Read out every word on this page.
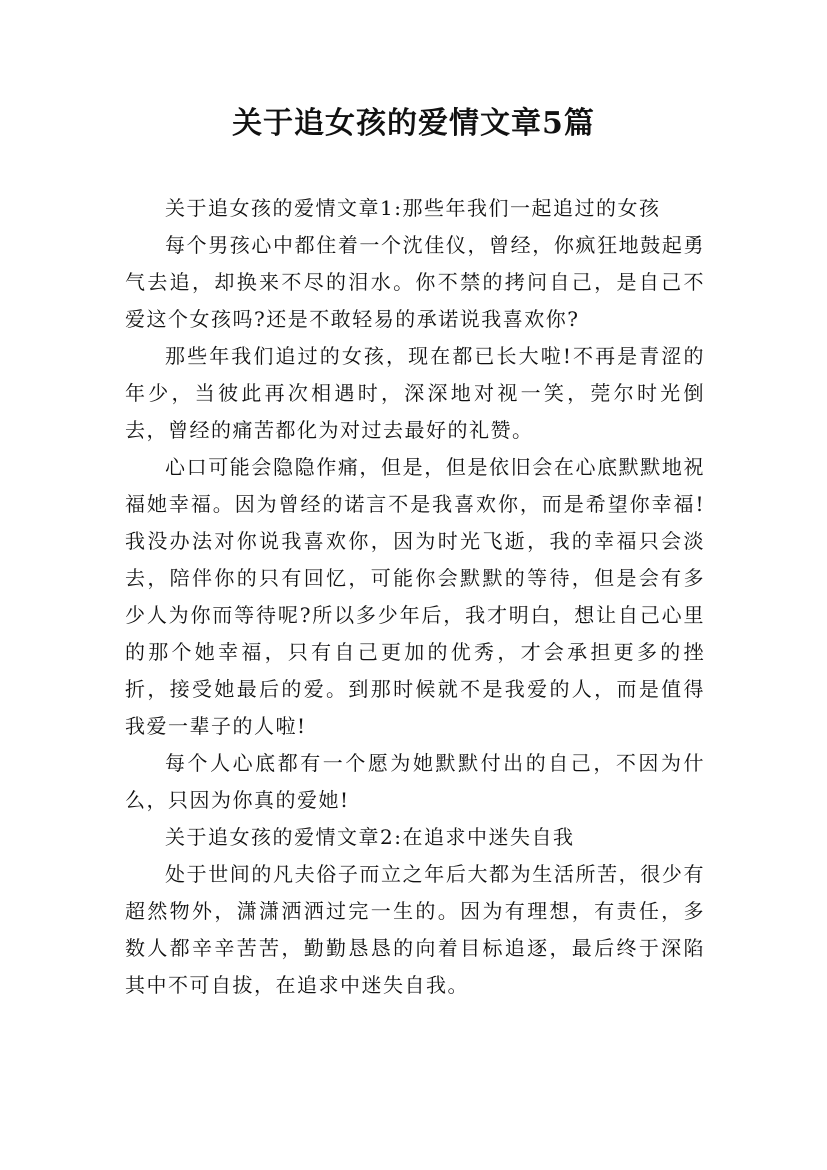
关于追女孩的爱情文章5篇

关于追女孩的爱情文章1:那些年我们一起追过的女孩

每个男孩心中都住着一个沈佳仪，曾经，你疯狂地鼓起勇气去追，却换来不尽的泪水。你不禁的拷问自己，是自己不爱这个女孩吗?还是不敢轻易的承诺说我喜欢你?

那些年我们追过的女孩，现在都已长大啦!不再是青涩的年少，当彼此再次相遇时，深深地对视一笑，莞尔时光倒去，曾经的痛苦都化为对过去最好的礼赞。

心口可能会隐隐作痛，但是，但是依旧会在心底默默地祝福她幸福。因为曾经的诺言不是我喜欢你，而是希望你幸福!我没办法对你说我喜欢你，因为时光飞逝，我的幸福只会淡去，陪伴你的只有回忆，可能你会默默的等待，但是会有多少人为你而等待呢?所以多少年后，我才明白，想让自己心里的那个她幸福，只有自己更加的优秀，才会承担更多的挫折，接受她最后的爱。到那时候就不是我爱的人，而是值得我爱一辈子的人啦!

每个人心底都有一个愿为她默默付出的自己，不因为什么，只因为你真的爱她!

关于追女孩的爱情文章2:在追求中迷失自我

处于世间的凡夫俗子而立之年后大都为生活所苦，很少有超然物外，潇潇洒洒过完一生的。因为有理想，有责任，多数人都辛辛苦苦，勤勤恳恳的向着目标追逐，最后终于深陷其中不可自拔，在追求中迷失自我。
